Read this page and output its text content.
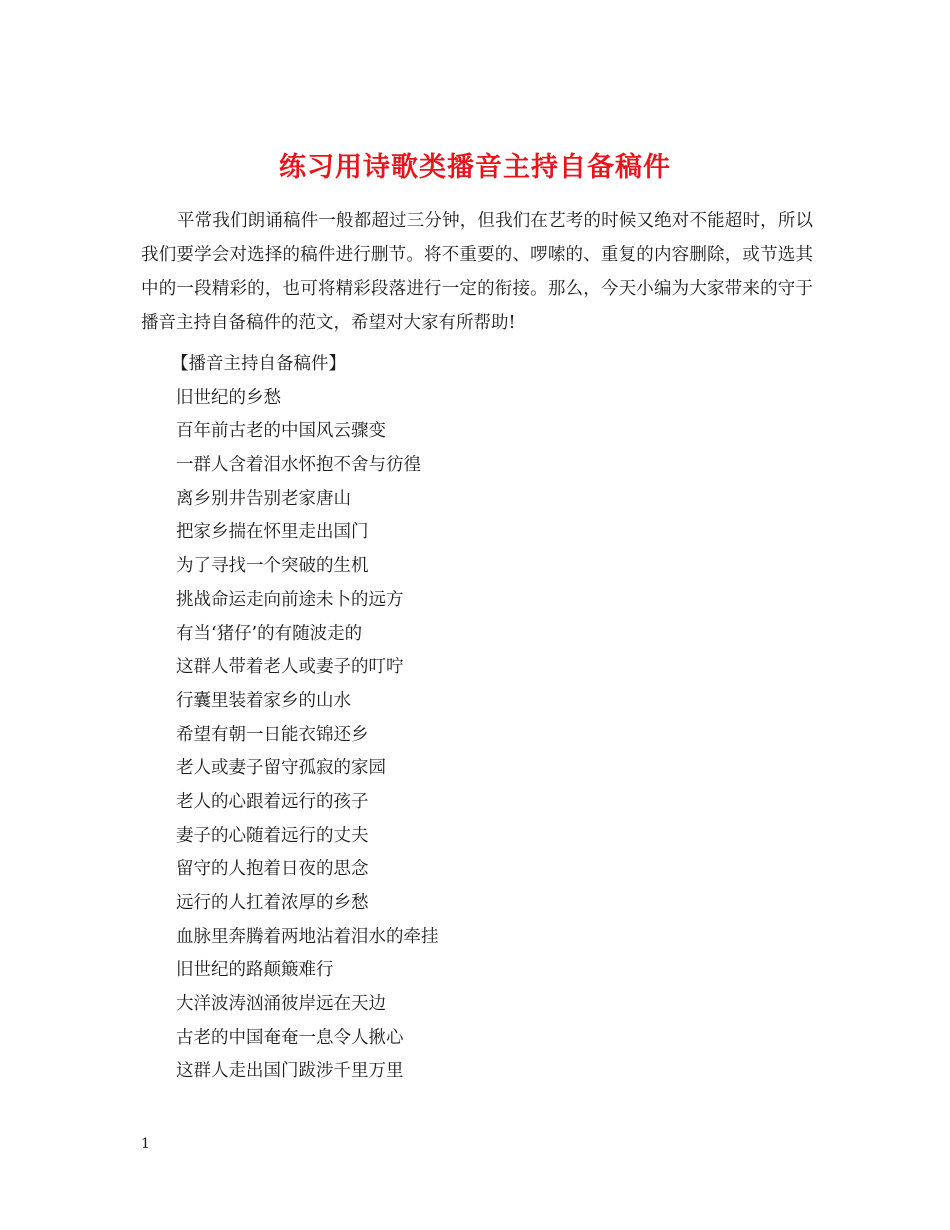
练习用诗歌类播音主持自备稿件

平常我们朗诵稿件一般都超过三分钟，但我们在艺考的时候又绝对不能超时，所以我们要学会对选择的稿件进行删节。将不重要的、啰嗦的、重复的内容删除，或节选其中的一段精彩的，也可将精彩段落进行一定的衔接。那么，今天小编为大家带来的守于播音主持自备稿件的范文，希望对大家有所帮助!

【播音主持自备稿件】
旧世纪的乡愁
百年前古老的中国风云骤变
一群人含着泪水怀抱不舍与彷徨
离乡别井告别老家唐山
把家乡揣在怀里走出国门
为了寻找一个突破的生机
挑战命运走向前途未卜的远方
有当‘猪仔’的有随波走的
这群人带着老人或妻子的叮咛
行囊里装着家乡的山水
希望有朝一日能衣锦还乡
老人或妻子留守孤寂的家园
老人的心跟着远行的孩子
妻子的心随着远行的丈夫
留守的人抱着日夜的思念
远行的人扛着浓厚的乡愁
血脉里奔腾着两地沾着泪水的牵挂
旧世纪的路颠簸难行
大洋波涛汹涌彼岸远在天边
古老的中国奄奄一息令人揪心
这群人走出国门跋涉千里万里
1
